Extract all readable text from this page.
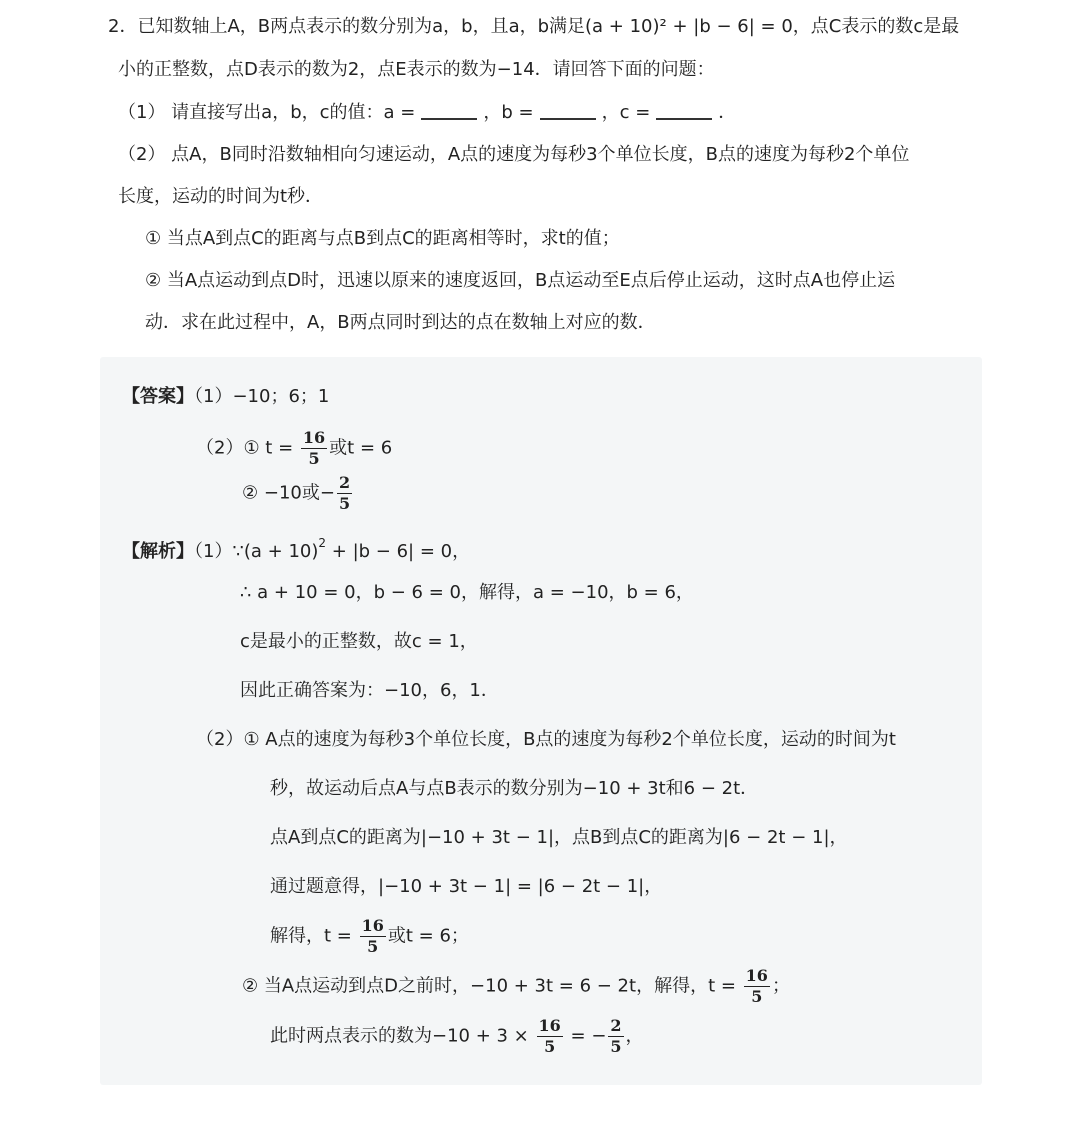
2．已知数轴上A，B两点表示的数分别为a，b，且a，b满足(a + 10)² + |b − 6| = 0，点C表示的数c是最
小的正整数，点D表示的数为2，点E表示的数为−14．请回答下面的问题：
（1） 请直接写出a，b，c的值：a =	，b =	，c =	．
（2） 点A，B同时沿数轴相向匀速运动，A点的速度为每秒3个单位长度，B点的速度为每秒2个单位
长度，运动的时间为t秒．
① 当点A到点C的距离与点B到点C的距离相等时，求t的值；
② 当A点运动到点D时，迅速以原来的速度返回，B点运动至E点后停止运动，这时点A也停止运
动．求在此过程中，A，B两点同时到达的点在数轴上对应的数．
【答案】（1）−10；6；1
（2）① $t = \frac{16}{5}$ 或t = 6
② −10或− $\frac{2}{5}$
【解析】（1）∵(a + 10)$^2$ + |b − 6| = 0，
∴ a + 10 = 0，b − 6 = 0，解得，a = −10，b = 6，
c是最小的正整数，故c = 1，
因此正确答案为：−10，6，1．
（2）① A点的速度为每秒3个单位长度，B点的速度为每秒2个单位长度，运动的时间为t
秒，故运动后点A与点B表示的数分别为−10 + 3t和6 − 2t．
点A到点C的距离为|−10 + 3t − 1|，点B到点C的距离为|6 − 2t − 1|，
通过题意得，|−10 + 3t − 1| = |6 − 2t − 1|，
解得，$t = \frac{16}{5}$ 或t = 6；
② 当A点运动到点D之前时，−10 + 3t = 6 − 2t，解得，$t = \frac{16}{5}$ ；
此时两点表示的数为$-10 + 3 \times \frac{16}{5}$ = − $\frac{2}{5}$ ，
